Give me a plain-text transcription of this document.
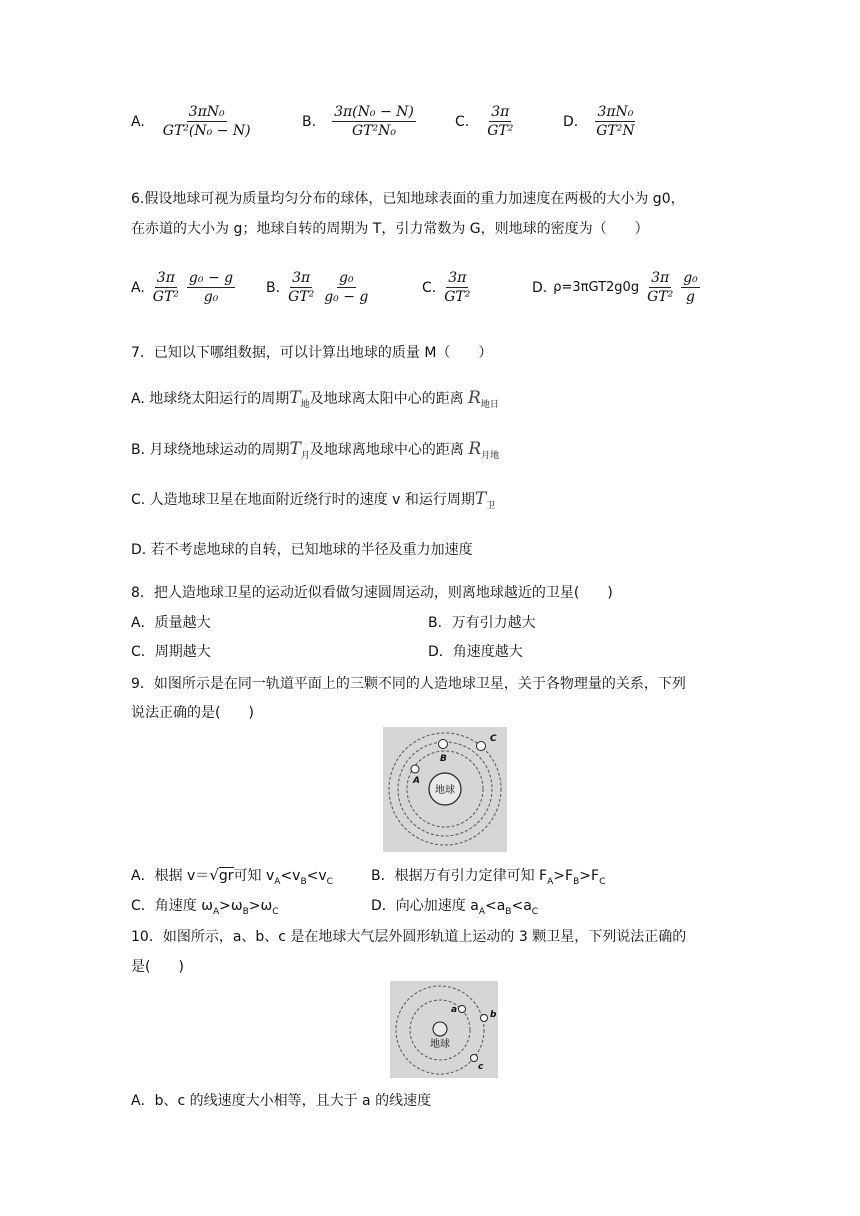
A. $\frac{\text{3πN₀}}{\text{GT²(N₀ − N)}}$	B. $\frac{\text{3π(N₀ − N)}}{\text{GT²N₀}}$	C. $\frac{3\pi}{\text{GT²}}$	D. $\frac{\text{3πN₀}}{\text{GT²N}}$
6.假设地球可视为质量均匀分布的球体，已知地球表面的重力加速度在两极的大小为 g0，
在赤道的大小为 g；地球自转的周期为 T，引力常数为 G，则地球的密度为（　　）
A. $\frac{3\pi}{\text{GT²}} \frac{\text{g₀ − g}}{\text{g₀}} B$. $\frac{3\pi}{\text{GT²}} \frac{\text{g₀}}{\text{g₀ − g}}$	C. $\frac{3\pi}{\text{GT²}}$	D. $\rho=3\pi GT2g0g \frac{3\pi}{\text{GT²}} \frac{\text{g₀}}{g}$
7．已知以下哪组数据，可以计算出地球的质量 M（　　）
A. 地球绕太阳运行的周期$T_地$及地球离太阳中心的距离 $R_{地日}$
B. 月球绕地球运动的周期$T_月$及地球离地球中心的距离 $R_{月地}$
C. 人造地球卫星在地面附近绕行时的速度 v 和运行周期$T_卫$
D. 若不考虑地球的自转，已知地球的半径及重力加速度
8．把人造地球卫星的运动近似看做匀速圆周运动，则离地球越近的卫星(　　)
A．质量越大	B．万有引力越大
C．周期越大	D．角速度越大
9．如图所示是在同一轨道平面上的三颗不同的人造地球卫星，关于各物理量的关系，下列
说法正确的是(　　)
地球
A
B
C
A．根据 v＝√gr可知 $v_A<v_B<v_C$	B．根据万有引力定律可知 $F_A>F_B>F_C$
C．角速度 $\omega_A>\omega_B>\omega_C$	D．向心加速度 $a_A<a_B<a_C$
10．如图所示，a、b、c 是在地球大气层外圆形轨道上运动的 3 颗卫星，下列说法正确的
是(　　)
地球
a	b
c
A．b、c 的线速度大小相等，且大于 a 的线速度
